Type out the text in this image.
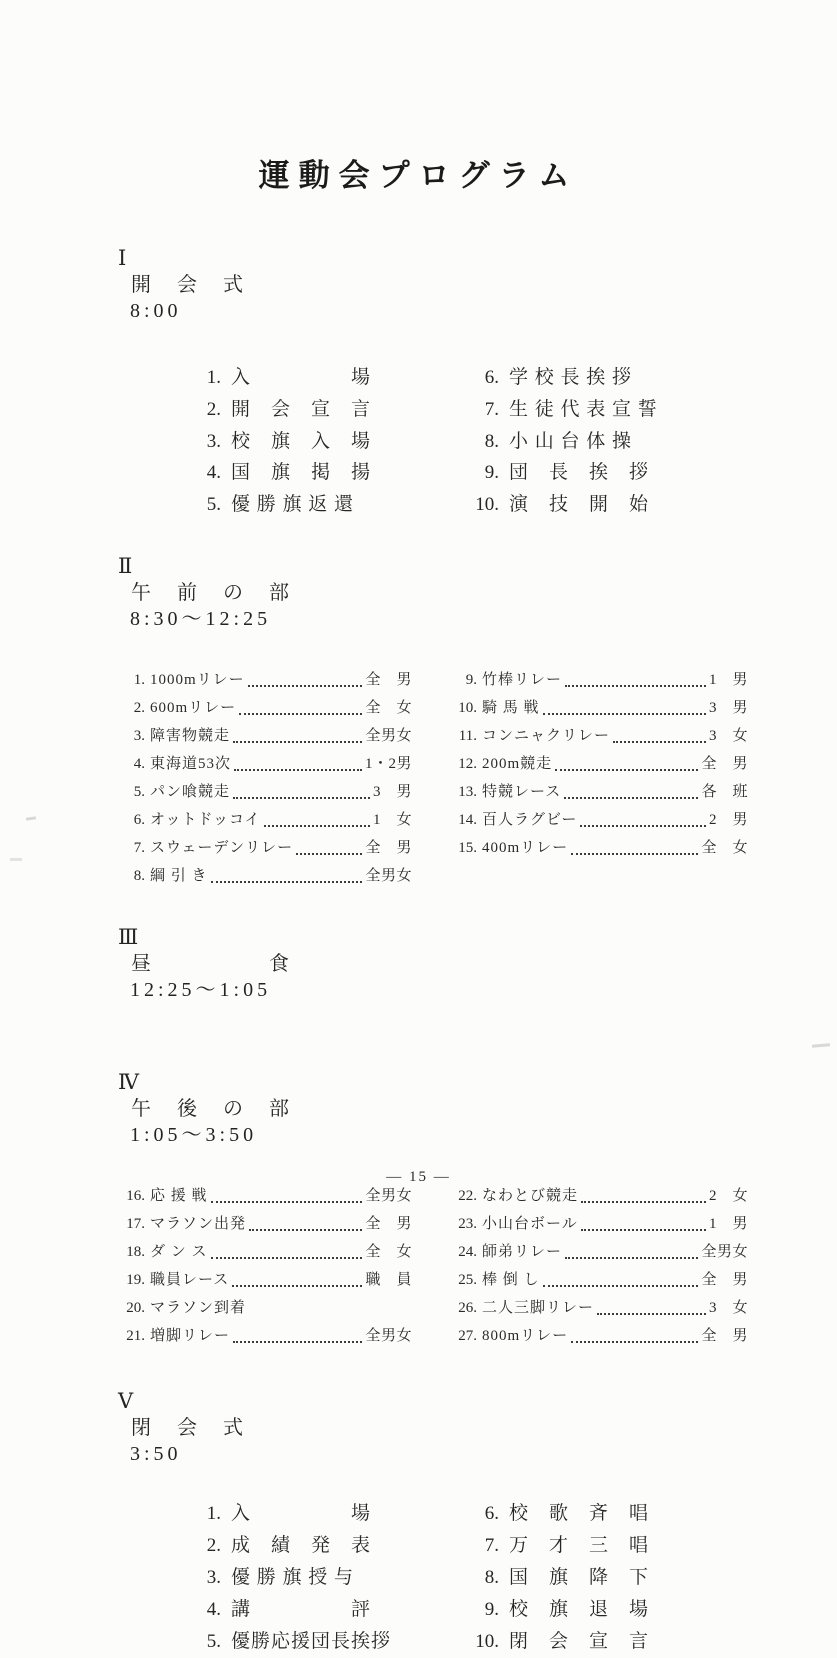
運動会プログラム

Ⅰ
開　会　式
8:00

1. 入　　　　　場
2. 開　会　宣　言
3. 校　旗　入　場
4. 国　旗　掲　揚
5. 優 勝 旗 返 還
6. 学 校 長 挨 拶
7. 生 徒 代 表 宣 誓
8. 小 山 台 体 操
9. 団　長　挨　拶
10. 演　技　開　始

Ⅱ
午　前　の　部
8:30～12:25

1. 1000mリレー	全　男
2. 600mリレー	全　女
3. 障害物競走	全男女
4. 東海道53次	1・2男
5. パン喰競走	3　男
6. オットドッコイ	1　女
7. スウェーデンリレー	全　男
8. 綱 引 き	全男女
9. 竹棒リレー	1　男
10. 騎 馬 戦	3　男
11. コンニャクリレー	3　女
12. 200m競走	全　男
13. 特競レース	各　班
14. 百人ラグビー	2　男
15. 400mリレー	全　女

Ⅲ
昼　　　　　食
12:25～1:05

Ⅳ
午　後　の　部
1:05～3:50

16. 応 援 戦	全男女
17. マラソン出発	全　男
18. ダ ン ス	全　女
19. 職員レース	職　員
20. マラソン到着
21. 増脚リレー	全男女
22. なわとび競走	2　女
23. 小山台ボール	1　男
24. 師弟リレー	全男女
25. 棒 倒 し	全　男
26. 二人三脚リレー	3　女
27. 800mリレー	全　男

Ⅴ
閉　会　式
3:50

1. 入　　　　　場
2. 成　績　発　表
3. 優 勝 旗 授 与
4. 講　　　　　評
5. 優勝応援団長挨拶
6. 校　歌　斉　唱
7. 万　才　三　唱
8. 国　旗　降　下
9. 校　旗　退　場
10. 閉　会　宣　言
— 15 —
